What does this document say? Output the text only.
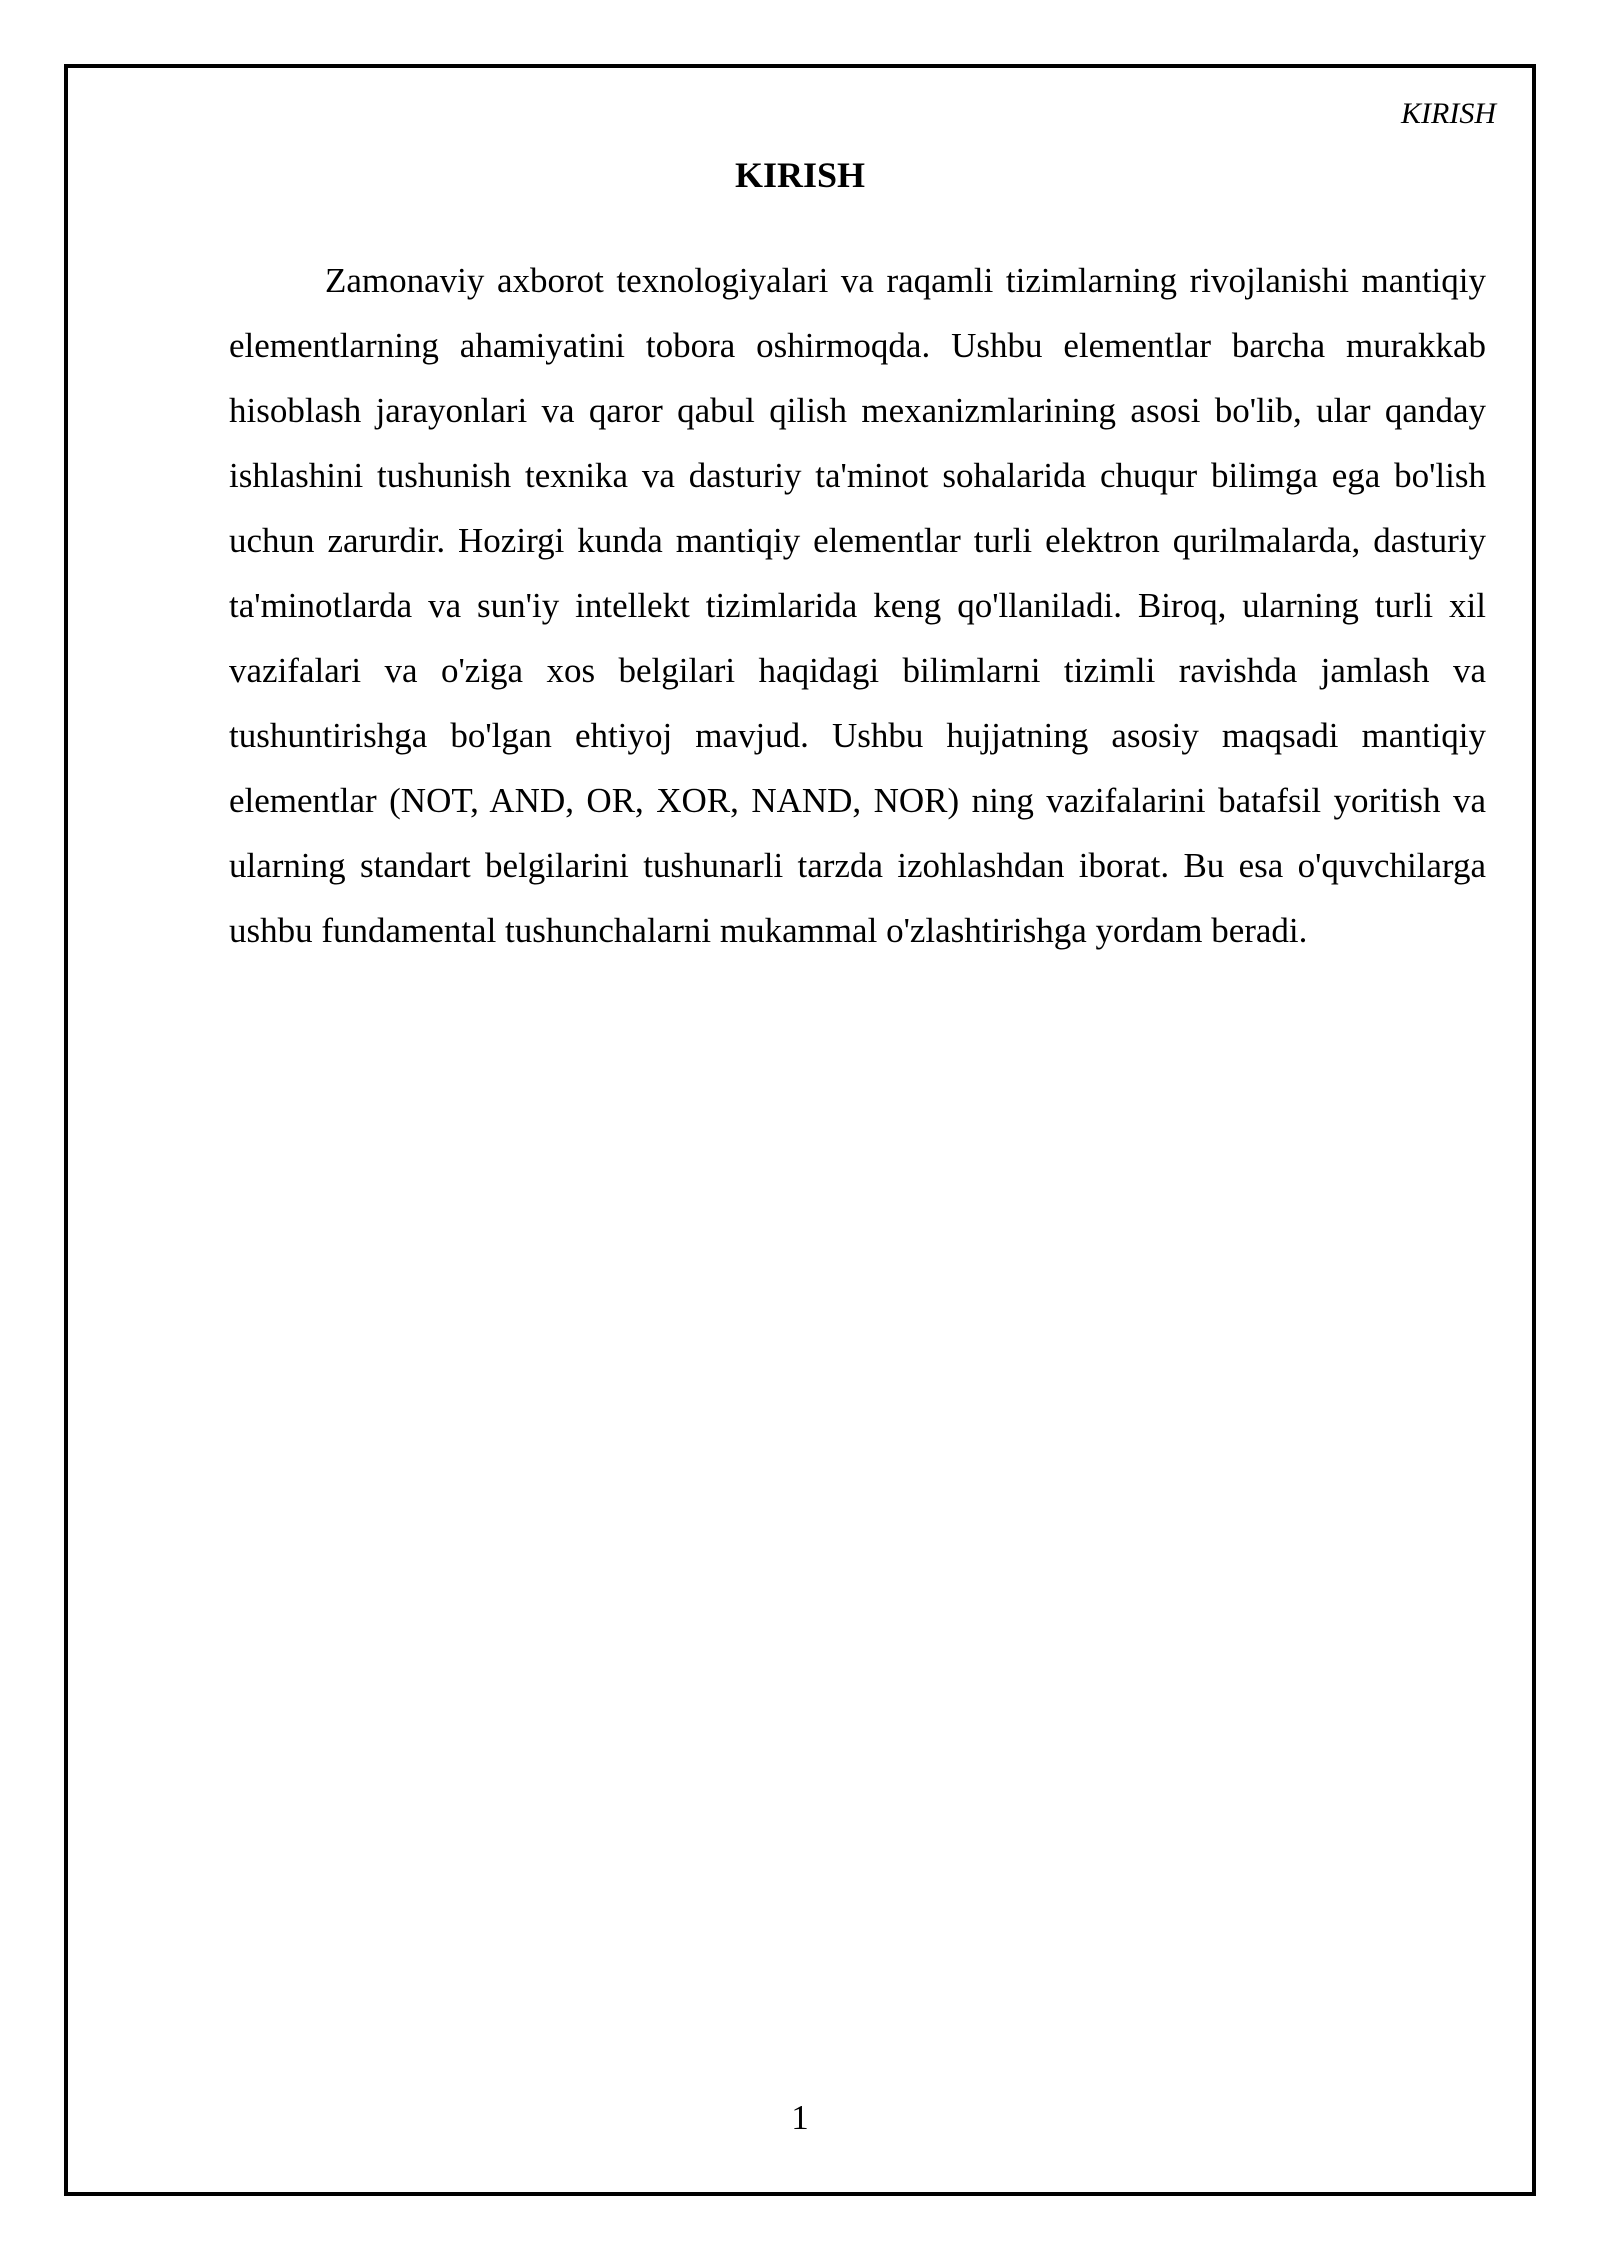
KIRISH
KIRISH

Zamonaviy axborot texnologiyalari va raqamli tizimlarning rivojlanishi mantiqiy elementlarning ahamiyatini tobora oshirmoqda. Ushbu elementlar barcha murakkab hisoblash jarayonlari va qaror qabul qilish mexanizmlarining asosi bo'lib, ular qanday ishlashini tushunish texnika va dasturiy ta'minot sohalarida chuqur bilimga ega bo'lish uchun zarurdir. Hozirgi kunda mantiqiy elementlar turli elektron qurilmalarda, dasturiy ta'minotlarda va sun'iy intellekt tizimlarida keng qo'llaniladi. Biroq, ularning turli xil vazifalari va o'ziga xos belgilari haqidagi bilimlarni tizimli ravishda jamlash va tushuntirishga bo'lgan ehtiyoj mavjud. Ushbu hujjatning asosiy maqsadi mantiqiy elementlar (NOT, AND, OR, XOR, NAND, NOR) ning vazifalarini batafsil yoritish va ularning standart belgilarini tushunarli tarzda izohlashdan iborat. Bu esa o'quvchilarga ushbu fundamental tushunchalarni mukammal o'zlashtirishga yordam beradi.

1
